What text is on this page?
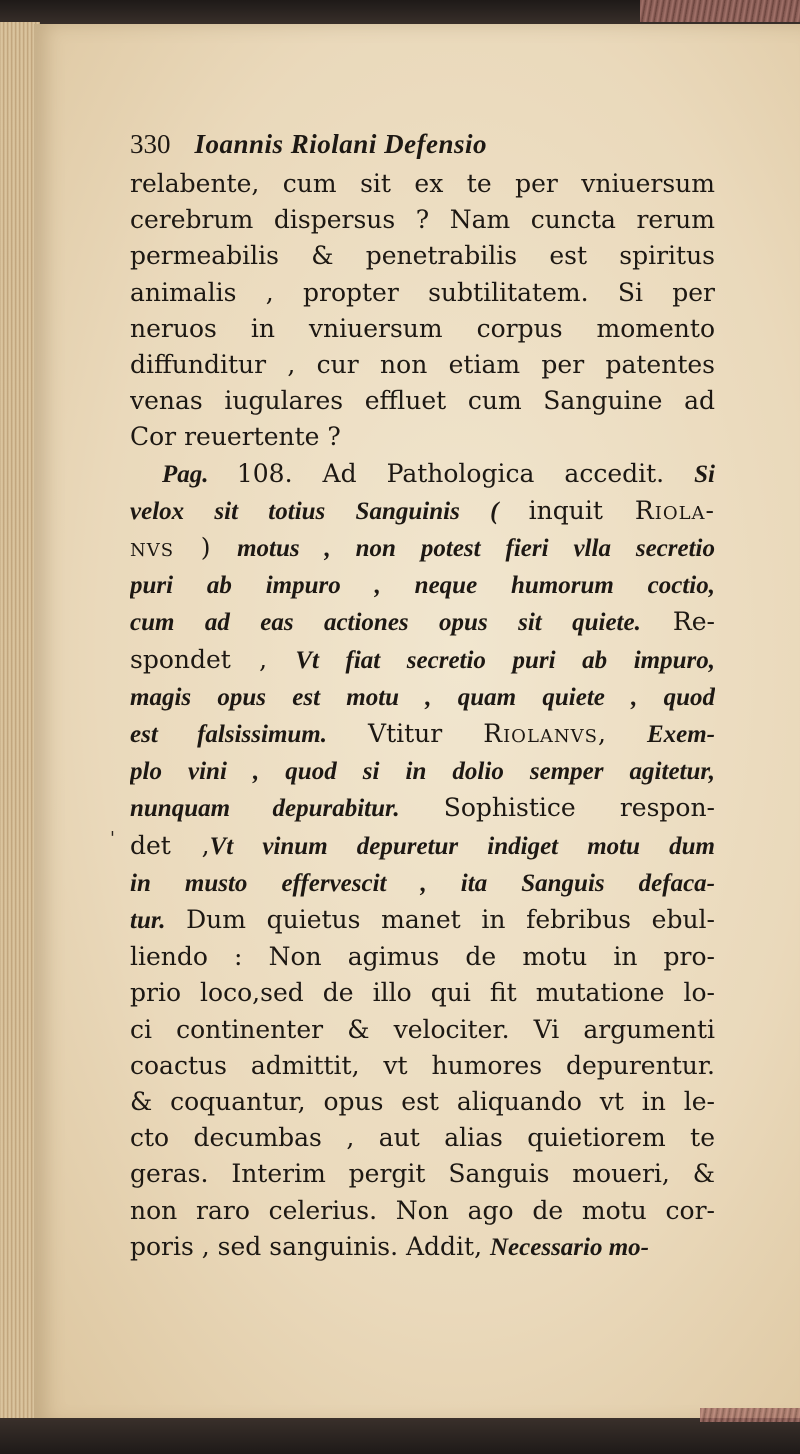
'
330 Ioannis Riolani Defensio
relabente, cum sit ex te per vniuersum
cerebrum dispersus ? Nam cuncta rerum
permeabilis & penetrabilis est spiritus
animalis , propter subtilitatem. Si per
neruos in vniuersum corpus momento
diffunditur , cur non etiam per patentes
venas iugulares effluet cum Sanguine ad
Cor reuertente ?
Pag. 108. Ad Pathologica accedit. Si
velox sit totius Sanguinis ( inquit Riola-
nvs ) motus , non potest fieri vlla secretio
puri ab impuro , neque humorum coctio,
cum ad eas actiones opus sit quiete. Re-
spondet , Vt fiat secretio puri ab impuro,
magis opus est motu , quam quiete , quod
est falsissimum. Vtitur Riolanvs, Exem-
plo vini , quod si in dolio semper agitetur,
nunquam depurabitur. Sophistice respon-
det ,Vt vinum depuretur indiget motu dum
in musto effervescit , ita Sanguis defaca-
tur. Dum quietus manet in febribus ebul-
liendo : Non agimus de motu in pro-
prio loco,sed de illo qui fit mutatione lo-
ci continenter & velociter. Vi argumenti
coactus admittit, vt humores depurentur.
& coquantur, opus est aliquando vt in le-
cto decumbas , aut alias quietiorem te
geras. Interim pergit Sanguis moueri, &
non raro celerius. Non ago de motu cor-
poris , sed sanguinis. Addit, Necessario mo-
